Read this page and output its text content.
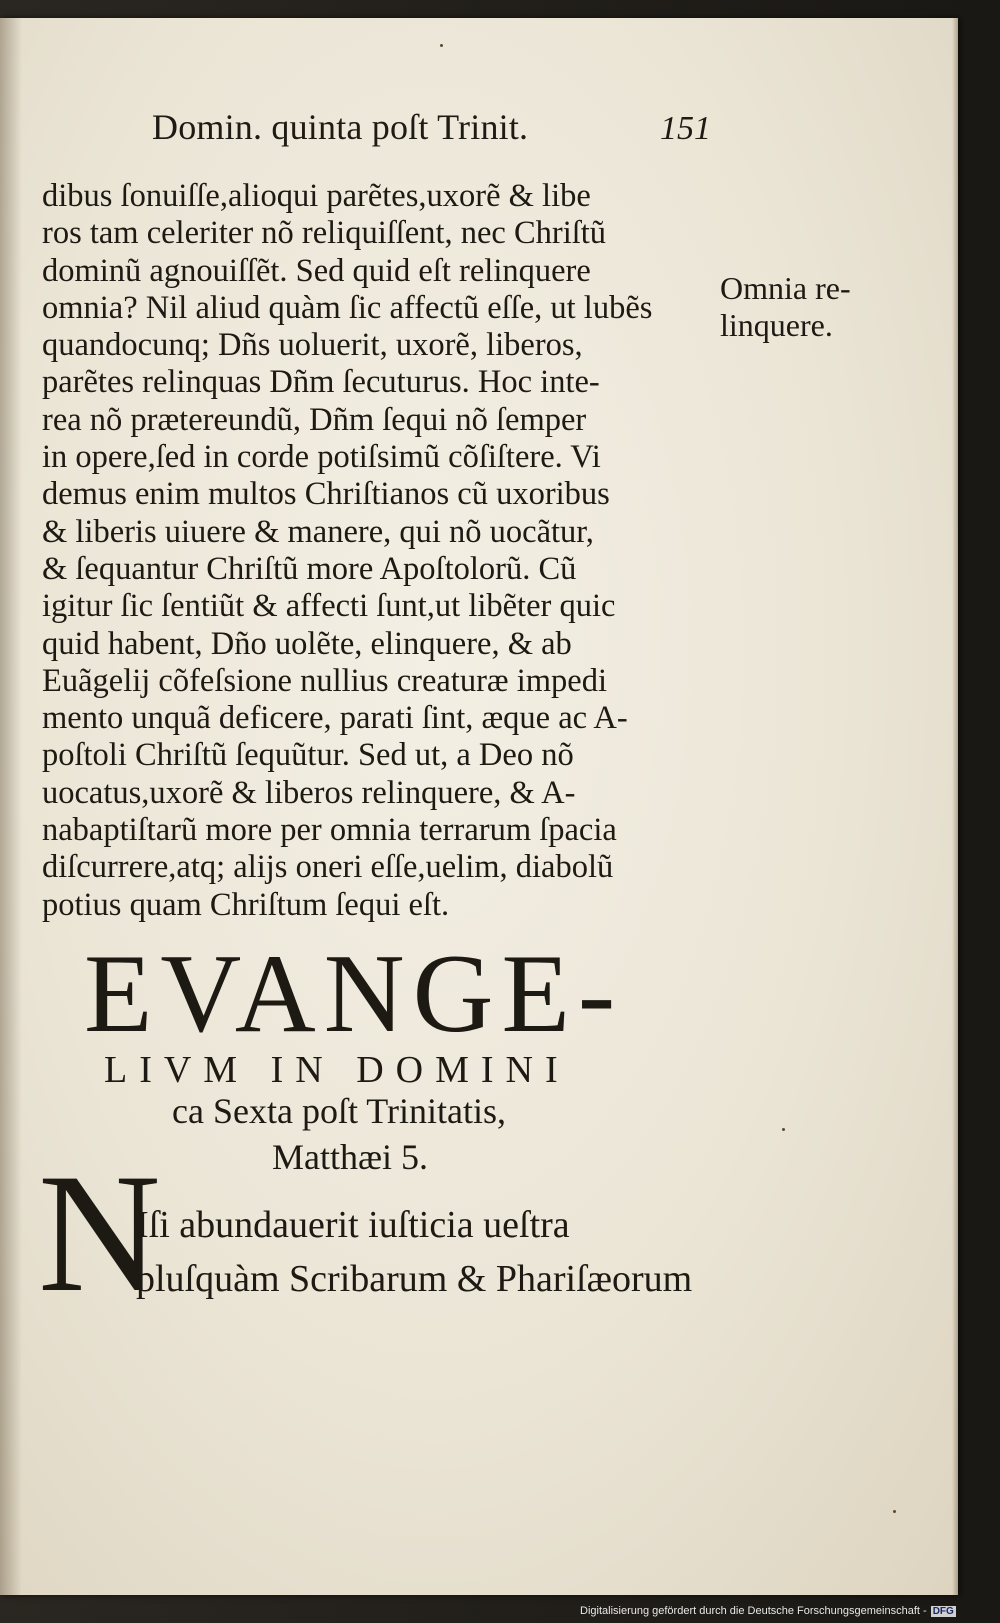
Domin. quinta poſt Trinit.	151
dibus ſonuiſſe,alioqui parẽtes,uxorẽ & libe
ros tam celeriter nõ reliquiſſent, nec Chriſtũ
dominũ agnouiſſẽt. Sed quid eſt relinquere
omnia? Nil aliud quàm ſic affectũ eſſe, ut lubẽs
quandocunq; Dñs uoluerit, uxorẽ, liberos,
parẽtes relinquas Dñm ſecuturus. Hoc inte-
rea nõ prætereundũ, Dñm ſequi nõ ſemper
in opere,ſed in corde potiſsimũ cõſiſtere. Vi
demus enim multos Chriſtianos cũ uxoribus
& liberis uiuere & manere, qui nõ uocãtur,
& ſequantur Chriſtũ more Apoſtolorũ. Cũ
igitur ſic ſentiũt & affecti ſunt,ut libẽter quic
quid habent, Dño uolẽte, elinquere, & ab
Euãgelij cõfeſsione nullius creaturæ impedi
mento unquã deficere, parati ſint, æque ac A-
poſtoli Chriſtũ ſequũtur. Sed ut, a Deo nõ
uocatus,uxorẽ & liberos relinquere, & A-
nabaptiſtarũ more per omnia terrarum ſpacia
diſcurrere,atq; alijs oneri eſſe,uelim, diabolũ
potius quam Chriſtum ſequi eſt.
Omnia re-
linquere.
EVANGE-
LIVM IN DOMINI
ca Sexta poſt Trinitatis,
Matthæi 5.
N
Iſi abundauerit iuſticia ueſtra
pluſquàm Scribarum & Phariſæorum
Digitalisierung gefördert durch die Deutsche Forschungsgemeinschaft - DFG
